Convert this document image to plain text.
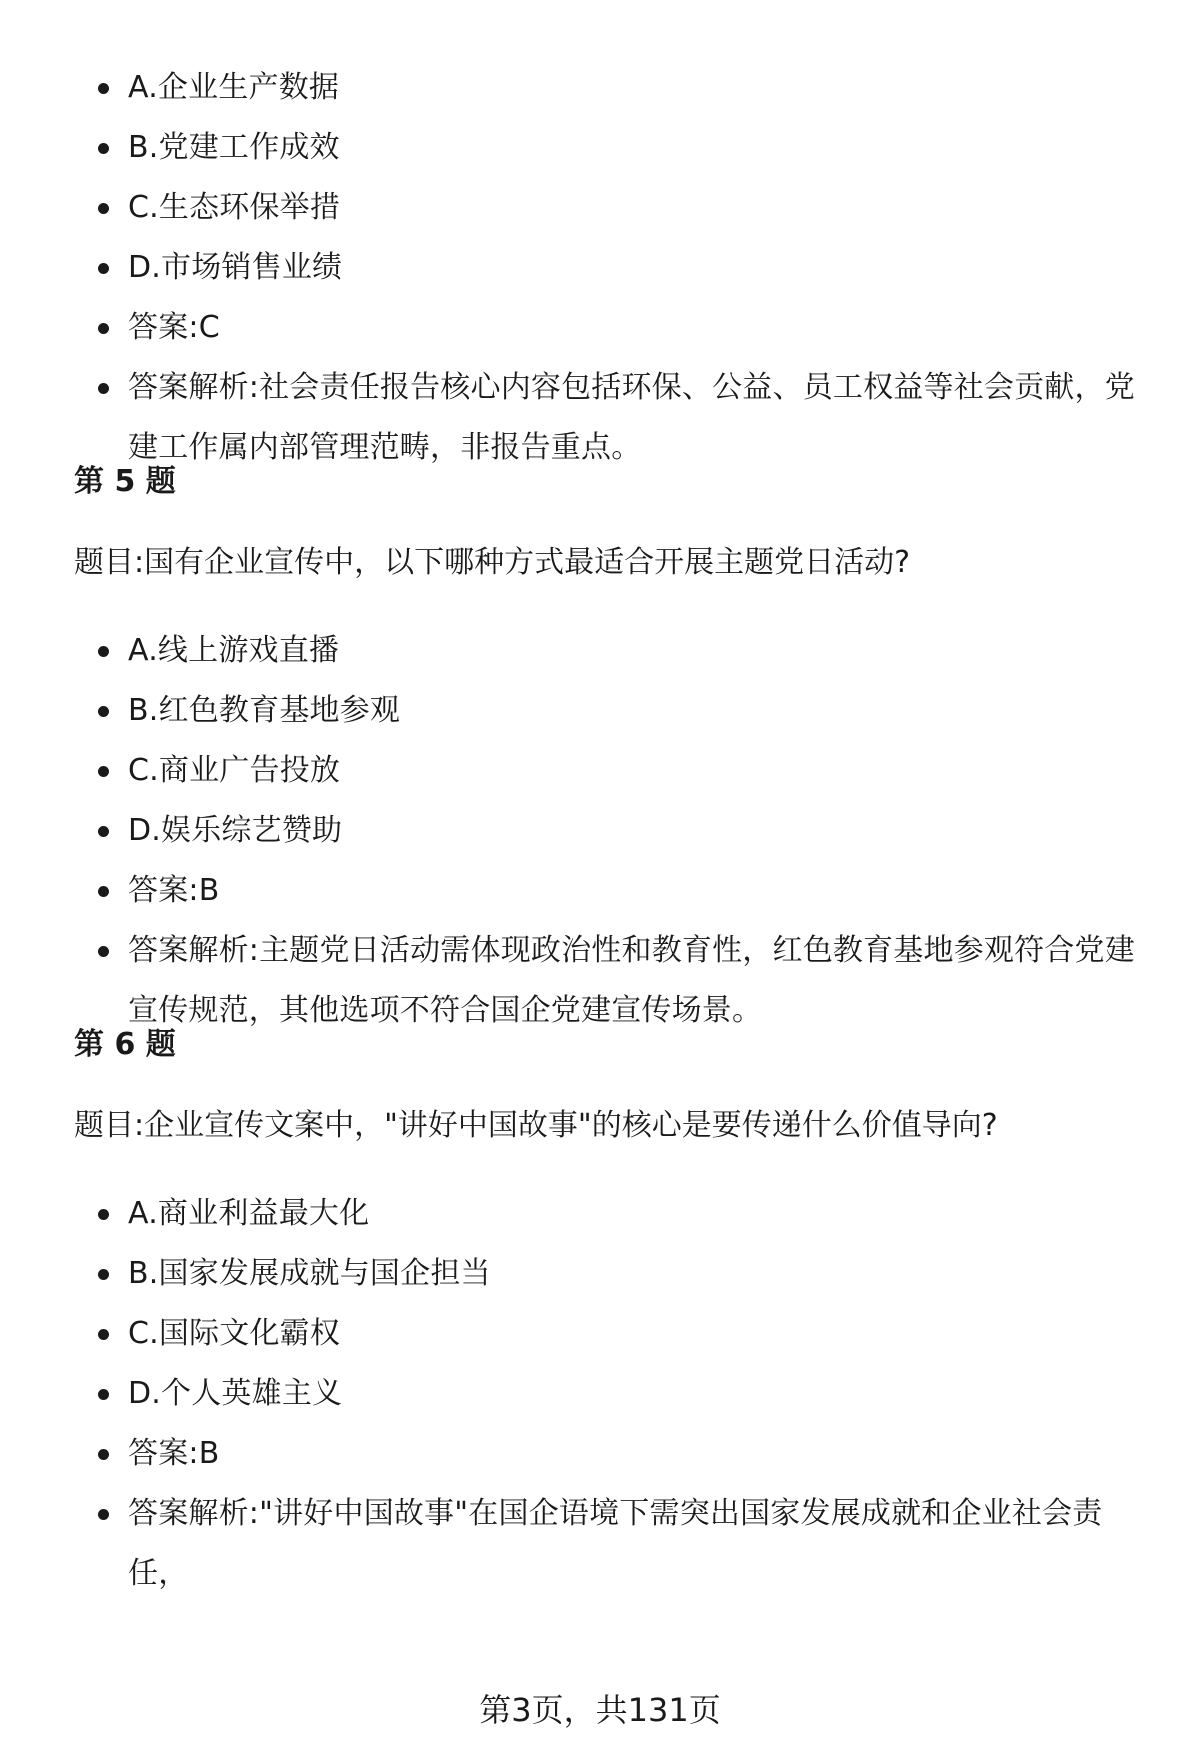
A.企业生产数据
B.党建工作成效
C.生态环保举措
D.市场销售业绩
答案:C
答案解析:社会责任报告核心内容包括环保、公益、员工权益等社会贡献，党建工作属内部管理范畴，非报告重点。
第 5 题
题目:国有企业宣传中，以下哪种方式最适合开展主题党日活动?
A.线上游戏直播
B.红色教育基地参观
C.商业广告投放
D.娱乐综艺赞助
答案:B
答案解析:主题党日活动需体现政治性和教育性，红色教育基地参观符合党建宣传规范，其他选项不符合国企党建宣传场景。
第 6 题
题目:企业宣传文案中，"讲好中国故事"的核心是要传递什么价值导向?
A.商业利益最大化
B.国家发展成就与国企担当
C.国际文化霸权
D.个人英雄主义
答案:B
答案解析:"讲好中国故事"在国企语境下需突出国家发展成就和企业社会责任，
第3页，共131页
